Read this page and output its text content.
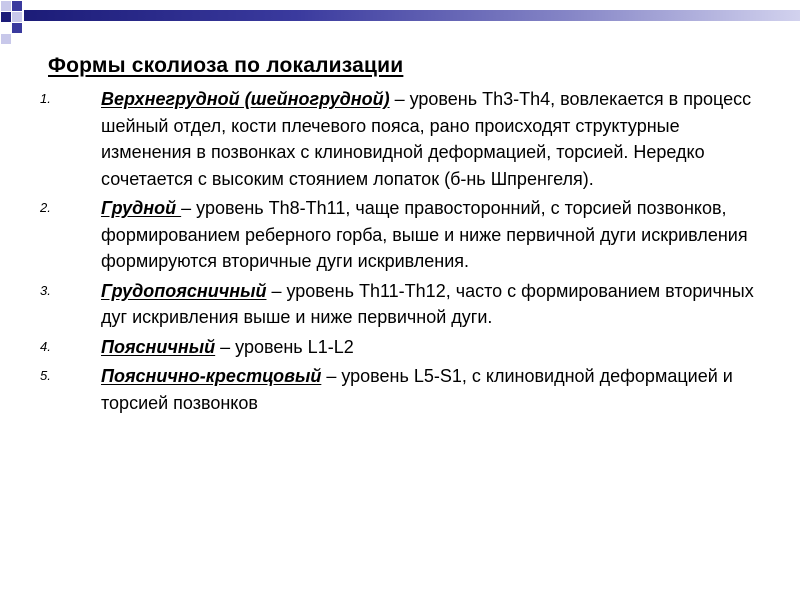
Формы сколиоза по локализации
1.	Верхнегрудной (шейногрудной) – уровень Th3-Th4, вовлекается в процесс шейный отдел, кости плечевого пояса, рано происходят структурные изменения в позвонках с клиновидной деформацией, торсией. Нередко сочетается с высоким стоянием лопаток (б-нь Шпренгеля).
2.	Грудной – уровень Th8-Th11, чаще правосторонний, с торсией позвонков, формированием реберного горба, выше и ниже первичной дуги искривления формируются вторичные дуги искривления.
3.	Грудопоясничный – уровень Th11-Th12, часто с формированием вторичных дуг искривления выше и ниже первичной дуги.
4.	Поясничный – уровень L1-L2
5.	Пояснично-крестцовый – уровень L5-S1, с клиновидной деформацией и торсией позвонков
